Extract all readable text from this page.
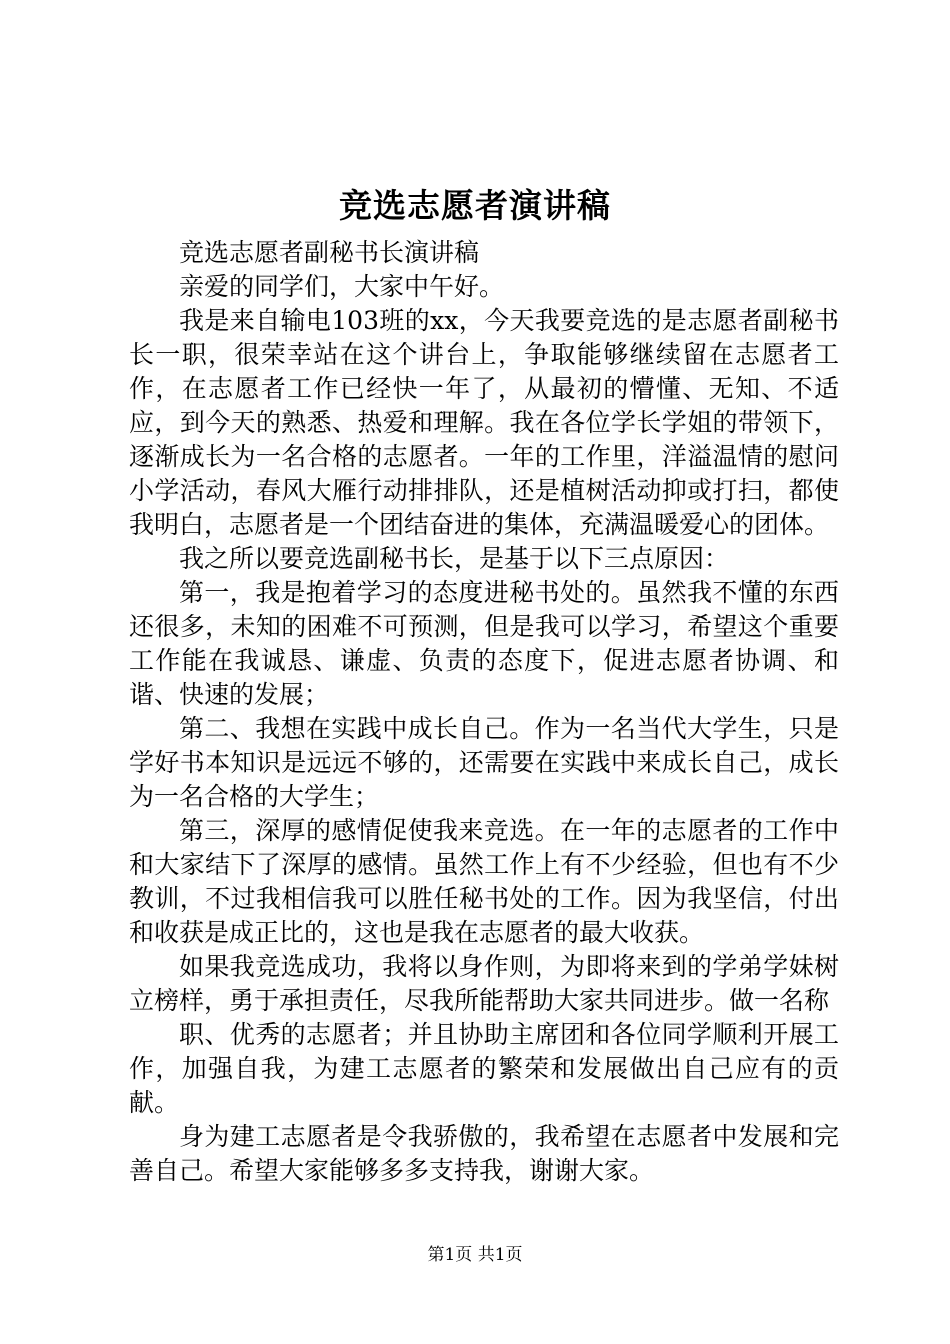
竞选志愿者演讲稿

竞选志愿者副秘书长演讲稿

亲爱的同学们，大家中午好。

我是来自输电103班的xx，今天我要竞选的是志愿者副秘书长一职，很荣幸站在这个讲台上，争取能够继续留在志愿者工作，在志愿者工作已经快一年了，从最初的懵懂、无知、不适应，到今天的熟悉、热爱和理解。我在各位学长学姐的带领下，逐渐成长为一名合格的志愿者。一年的工作里，洋溢温情的慰问小学活动，春风大雁行动排排队，还是植树活动抑或打扫，都使我明白，志愿者是一个团结奋进的集体，充满温暖爱心的团体。

我之所以要竞选副秘书长，是基于以下三点原因：

第一，我是抱着学习的态度进秘书处的。虽然我不懂的东西还很多，未知的困难不可预测，但是我可以学习，希望这个重要工作能在我诚恳、谦虚、负责的态度下，促进志愿者协调、和谐、快速的发展；

第二、我想在实践中成长自己。作为一名当代大学生，只是学好书本知识是远远不够的，还需要在实践中来成长自己，成长为一名合格的大学生；

第三，深厚的感情促使我来竞选。在一年的志愿者的工作中和大家结下了深厚的感情。虽然工作上有不少经验，但也有不少教训，不过我相信我可以胜任秘书处的工作。因为我坚信，付出和收获是成正比的，这也是我在志愿者的最大收获。

如果我竞选成功，我将以身作则，为即将来到的学弟学妹树立榜样，勇于承担责任，尽我所能帮助大家共同进步。做一名称

职、优秀的志愿者；并且协助主席团和各位同学顺利开展工作，加强自我，为建工志愿者的繁荣和发展做出自己应有的贡献。

身为建工志愿者是令我骄傲的，我希望在志愿者中发展和完善自己。希望大家能够多多支持我，谢谢大家。

第1页 共1页
